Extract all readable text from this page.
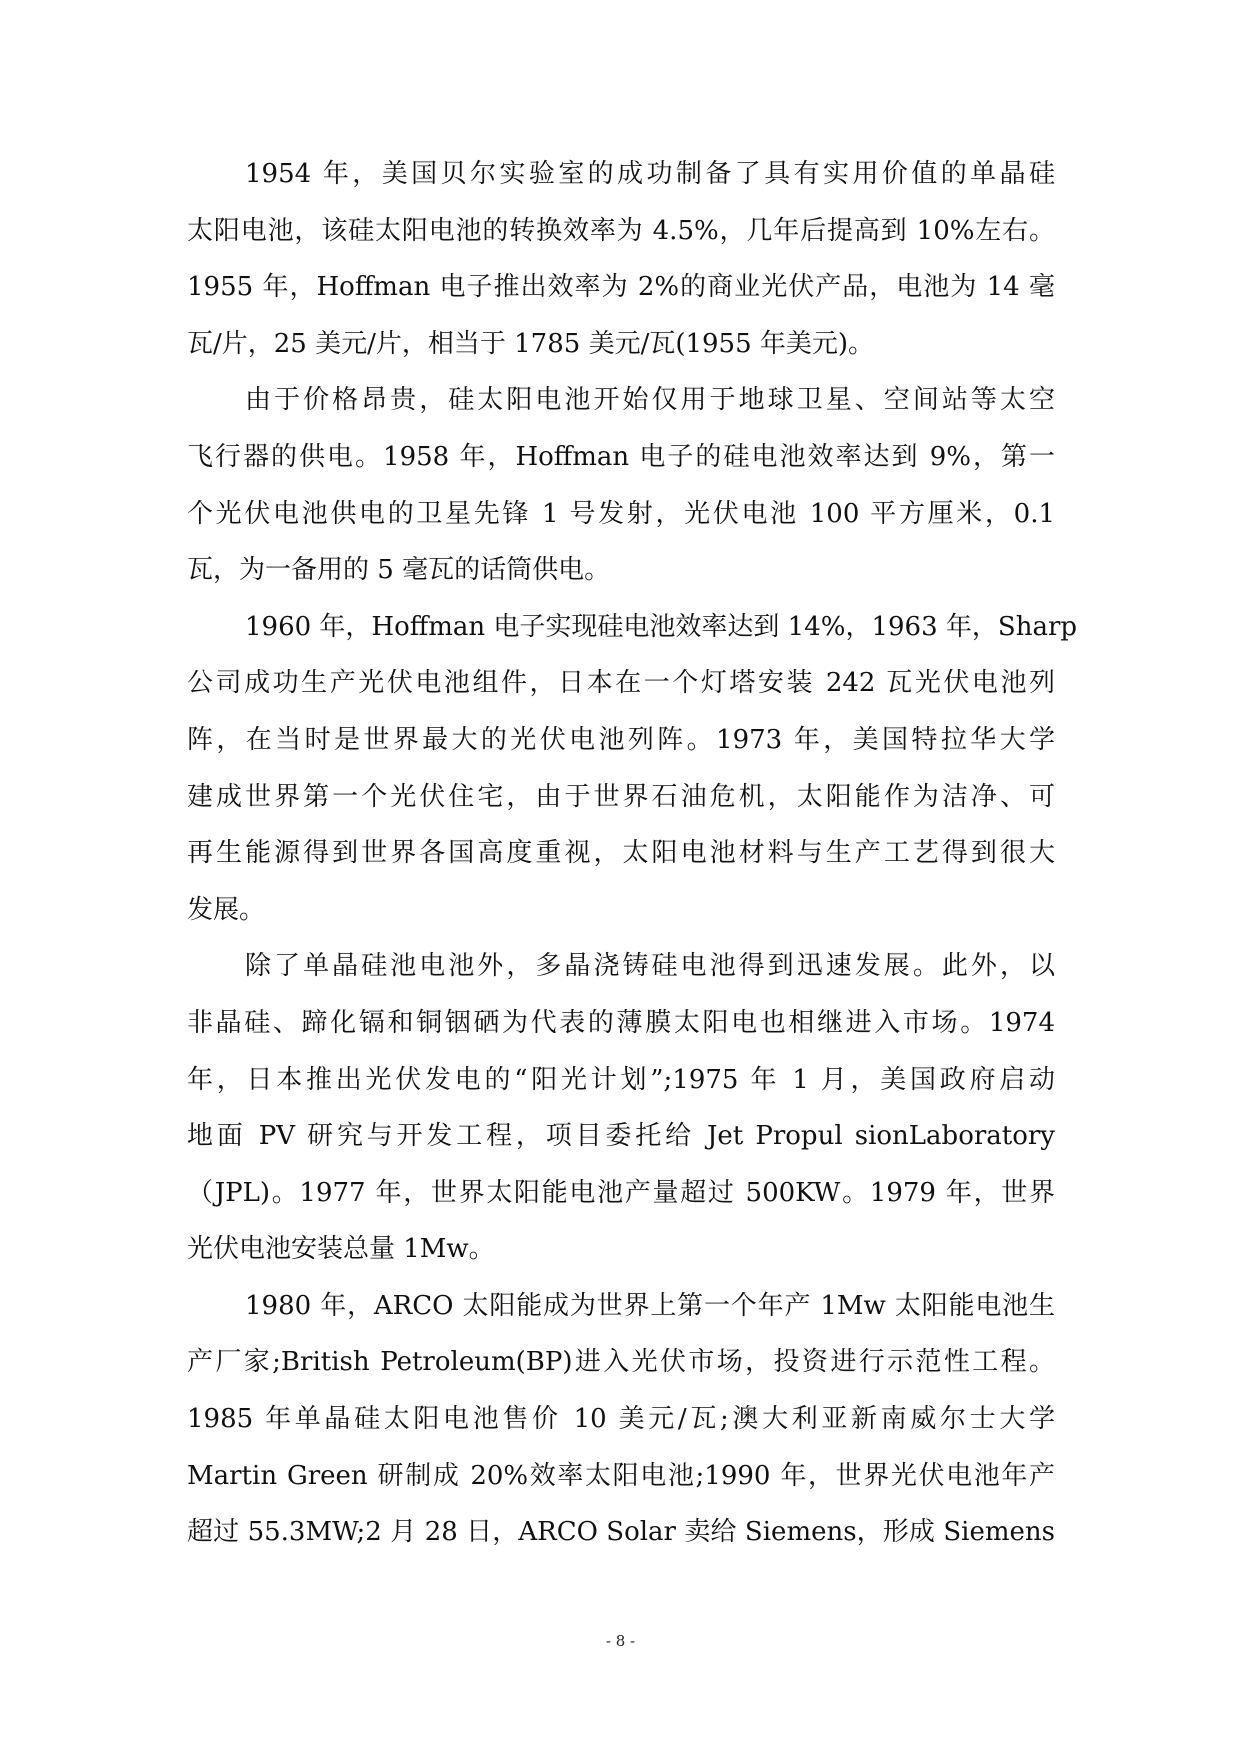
1954 年，美国贝尔实验室的成功制备了具有实用价值的单晶硅
太阳电池，该硅太阳电池的转换效率为 4.5%，几年后提高到 10%左右。
1955 年，Hoffman 电子推出效率为 2%的商业光伏产品，电池为 14 毫
瓦/片，25 美元/片，相当于 1785 美元/瓦(1955 年美元)。
由于价格昂贵，硅太阳电池开始仅用于地球卫星、空间站等太空
飞行器的供电。1958 年，Hoffman 电子的硅电池效率达到 9%，第一
个光伏电池供电的卫星先锋 1 号发射，光伏电池 100 平方厘米，0.1
瓦，为一备用的 5 毫瓦的话筒供电。
1960 年，Hoffman 电子实现硅电池效率达到 14%，1963 年，Sharp
公司成功生产光伏电池组件，日本在一个灯塔安装 242 瓦光伏电池列
阵，在当时是世界最大的光伏电池列阵。1973 年，美国特拉华大学
建成世界第一个光伏住宅，由于世界石油危机，太阳能作为洁净、可
再生能源得到世界各国高度重视，太阳电池材料与生产工艺得到很大
发展。
除了单晶硅池电池外，多晶浇铸硅电池得到迅速发展。此外，以
非晶硅、蹄化镉和铜铟硒为代表的薄膜太阳电也相继进入市场。1974
年，日本推出光伏发电的“阳光计划”;1975 年 1 月，美国政府启动
地面 PV 研究与开发工程，项目委托给 Jet Propul sionLaboratory
（JPL)。1977 年，世界太阳能电池产量超过 500KW。1979 年，世界
光伏电池安装总量 1Mw。
1980 年，ARCO 太阳能成为世界上第一个年产 1Mw 太阳能电池生
产厂家;British Petroleum(BP)进入光伏市场，投资进行示范性工程。
1985 年单晶硅太阳电池售价 10 美元/瓦;澳大利亚新南威尔士大学
Martin Green 研制成 20%效率太阳电池;1990 年，世界光伏电池年产
超过 55.3MW;2 月 28 日，ARCO Solar 卖给 Siemens，形成 Siemens
- 8 -
